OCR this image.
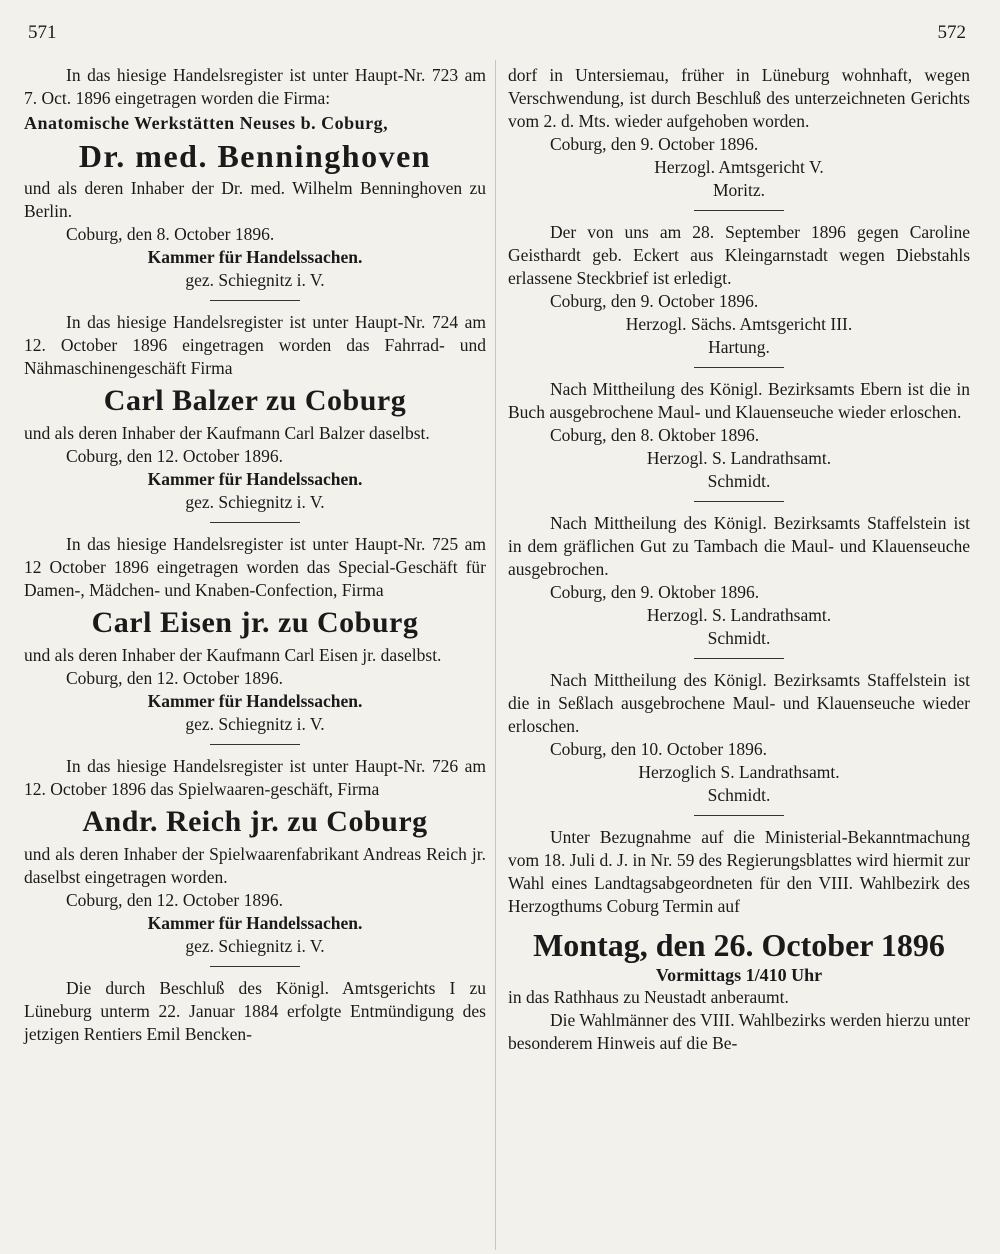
571	572

In das hiesige Handelsregister ist unter Haupt-Nr. 723 am 7. Oct. 1896 eingetragen worden die Firma:

Anatomische Werkstätten Neuses b. Coburg,

Dr. med. Benninghoven

und als deren Inhaber der Dr. med. Wilhelm Benninghoven zu Berlin.

Coburg, den 8. October 1896.

Kammer für Handelssachen.

gez. Schiegnitz i. V.

In das hiesige Handelsregister ist unter Haupt-Nr. 724 am 12. October 1896 eingetragen worden das Fahrrad- und Nähmaschinengeschäft Firma

Carl Balzer zu Coburg

und als deren Inhaber der Kaufmann Carl Balzer daselbst.

Coburg, den 12. October 1896.

Kammer für Handelssachen.

gez. Schiegnitz i. V.

In das hiesige Handelsregister ist unter Haupt-Nr. 725 am 12 October 1896 eingetragen worden das Special-Geschäft für Damen-, Mädchen- und Knaben-Confection, Firma

Carl Eisen jr. zu Coburg

und als deren Inhaber der Kaufmann Carl Eisen jr. daselbst.

Coburg, den 12. October 1896.

Kammer für Handelssachen.

gez. Schiegnitz i. V.

In das hiesige Handelsregister ist unter Haupt-Nr. 726 am 12. October 1896 das Spielwaaren-geschäft, Firma

Andr. Reich jr. zu Coburg

und als deren Inhaber der Spielwaarenfabrikant Andreas Reich jr. daselbst eingetragen worden.

Coburg, den 12. October 1896.

Kammer für Handelssachen.

gez. Schiegnitz i. V.

Die durch Beschluß des Königl. Amtsgerichts I zu Lüneburg unterm 22. Januar 1884 erfolgte Entmündigung des jetzigen Rentiers Emil Bencken-

dorf in Untersiemau, früher in Lüneburg wohnhaft, wegen Verschwendung, ist durch Beschluß des unterzeichneten Gerichts vom 2. d. Mts. wieder aufgehoben worden.

Coburg, den 9. October 1896.

Herzogl. Amtsgericht V.

Moritz.

Der von uns am 28. September 1896 gegen Caroline Geisthardt geb. Eckert aus Kleingarnstadt wegen Diebstahls erlassene Steckbrief ist erledigt.

Coburg, den 9. October 1896.

Herzogl. Sächs. Amtsgericht III.

Hartung.

Nach Mittheilung des Königl. Bezirksamts Ebern ist die in Buch ausgebrochene Maul- und Klauenseuche wieder erloschen.

Coburg, den 8. Oktober 1896.

Herzogl. S. Landrathsamt.

Schmidt.

Nach Mittheilung des Königl. Bezirksamts Staffelstein ist in dem gräflichen Gut zu Tambach die Maul- und Klauenseuche ausgebrochen.

Coburg, den 9. Oktober 1896.

Herzogl. S. Landrathsamt.

Schmidt.

Nach Mittheilung des Königl. Bezirksamts Staffelstein ist die in Seßlach ausgebrochene Maul- und Klauenseuche wieder erloschen.

Coburg, den 10. October 1896.

Herzoglich S. Landrathsamt.

Schmidt.

Unter Bezugnahme auf die Ministerial-Bekanntmachung vom 18. Juli d. J. in Nr. 59 des Regierungsblattes wird hiermit zur Wahl eines Landtagsabgeordneten für den VIII. Wahlbezirk des Herzogthums Coburg Termin auf

Montag, den 26. October 1896

Vormittags 1/410 Uhr

in das Rathhaus zu Neustadt anberaumt.

Die Wahlmänner des VIII. Wahlbezirks werden hierzu unter besonderem Hinweis auf die Be-
